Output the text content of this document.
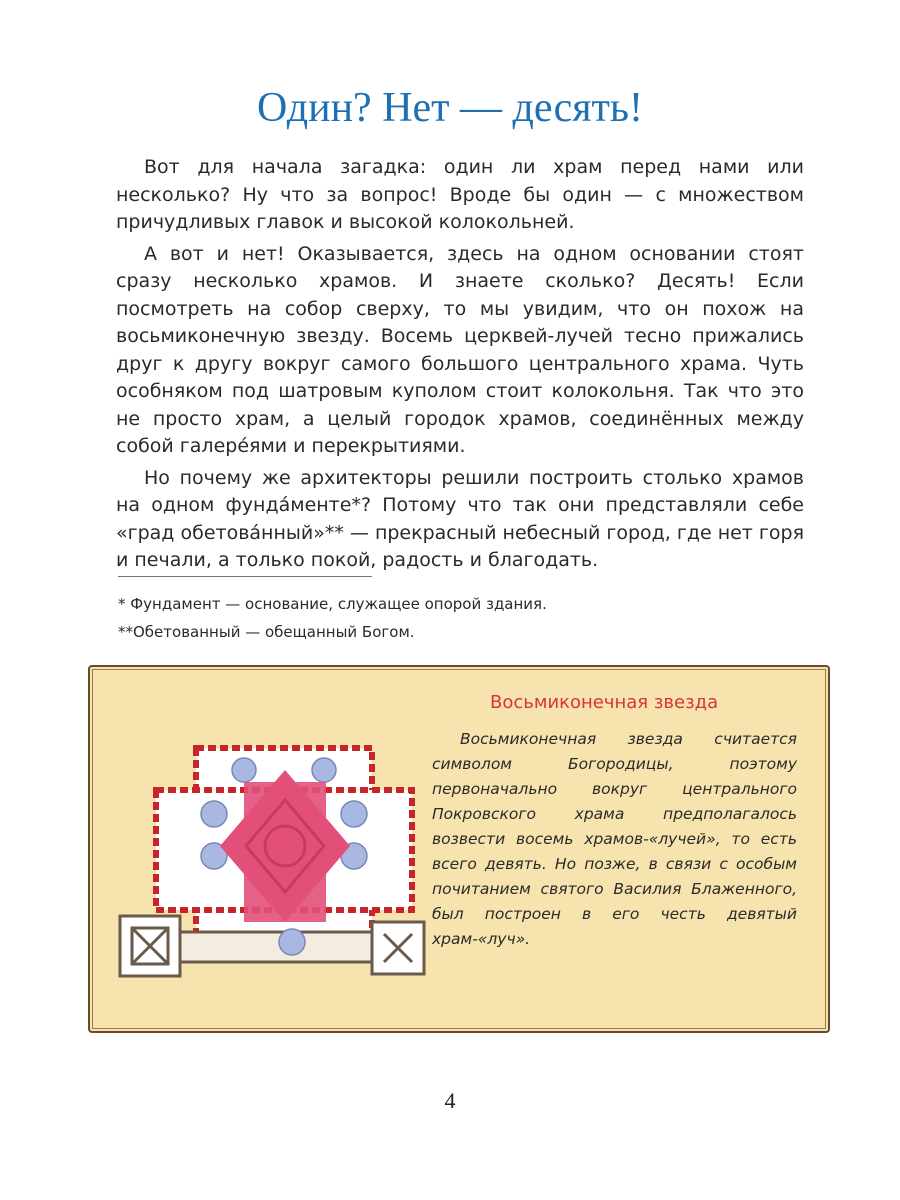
Один? Нет — десять!

Вот для начала загадка: один ли храм перед нами или несколько? Ну что за вопрос! Вроде бы один — с множеством причудливых главок и высокой колокольней.

А вот и нет! Оказывается, здесь на одном основании стоят сразу несколько храмов. И знаете сколько? Десять! Если посмотреть на собор сверху, то мы увидим, что он похож на восьмиконечную звезду. Восемь церквей-лучей тесно прижались друг к другу вокруг самого большого центрального храма. Чуть особняком под шатровым куполом стоит колокольня. Так что это не просто храм, а целый городок храмов, соединённых между собой галерéями и перекрытиями.

Но почему же архитекторы решили построить столько храмов на одном фундáменте*? Потому что так они представляли себе «град обетовáнный»** — прекрасный небесный город, где нет горя и печали, а только покой, радость и благодать.

* Фундамент — основание, служащее опорой здания.
**Обетованный — обещанный Богом.
Восьмиконечная звезда

Восьмиконечная звезда считается символом Богородицы, поэтому первоначально вокруг центрального Покровского храма предполагалось возвести восемь храмов-«лучей», то есть всего девять. Но позже, в связи с особым почитанием святого Василия Блаженного, был построен в его честь девятый храм-«луч».

4
